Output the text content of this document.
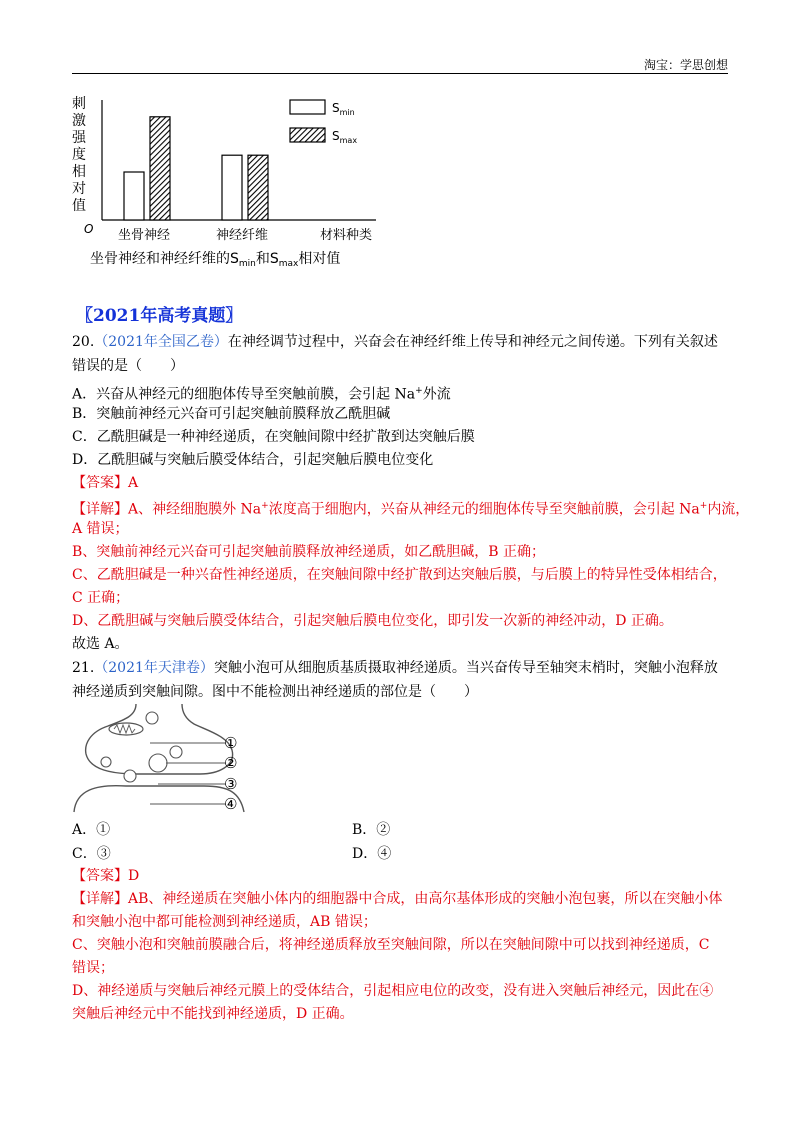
淘宝：学思创想
刺
激
强
度
相
对
值
O 坐骨神经	神经纤维	材料种类
$S_{min}$
$S_{max}$
坐骨神经和神经纤维的$S_{min}$和$S_{max}$相对值
〖2021年高考真题〗
20.（2021年全国乙卷）在神经调节过程中，兴奋会在神经纤维上传导和神经元之间传递。下列有关叙述
错误的是（　　）
A．兴奋从神经元的细胞体传导至突触前膜，会引起 Na+外流
B．突触前神经元兴奋可引起突触前膜释放乙酰胆碱
C．乙酰胆碱是一种神经递质，在突触间隙中经扩散到达突触后膜
D．乙酰胆碱与突触后膜受体结合，引起突触后膜电位变化
【答案】A
【详解】A、神经细胞膜外 Na+浓度高于细胞内，兴奋从神经元的细胞体传导至突触前膜，会引起 Na+内流，
A 错误；
B、突触前神经元兴奋可引起突触前膜释放神经递质，如乙酰胆碱，B 正确；
C、乙酰胆碱是一种兴奋性神经递质，在突触间隙中经扩散到达突触后膜，与后膜上的特异性受体相结合，
C 正确；
D、乙酰胆碱与突触后膜受体结合，引起突触后膜电位变化，即引发一次新的神经冲动，D 正确。
故选 A。
21.（2021年天津卷）突触小泡可从细胞质基质摄取神经递质。当兴奋传导至轴突末梢时，突触小泡释放
神经递质到突触间隙。图中不能检测出神经递质的部位是（　　）
①
②
③
④
A．①	B．②
C．③	D．④
【答案】D
【详解】AB、神经递质在突触小体内的细胞器中合成，由高尔基体形成的突触小泡包裹，所以在突触小体
和突触小泡中都可能检测到神经递质，AB 错误；
C、突触小泡和突触前膜融合后，将神经递质释放至突触间隙，所以在突触间隙中可以找到神经递质，C
错误；
D、神经递质与突触后神经元膜上的受体结合，引起相应电位的改变，没有进入突触后神经元，因此在④
突触后神经元中不能找到神经递质，D 正确。
